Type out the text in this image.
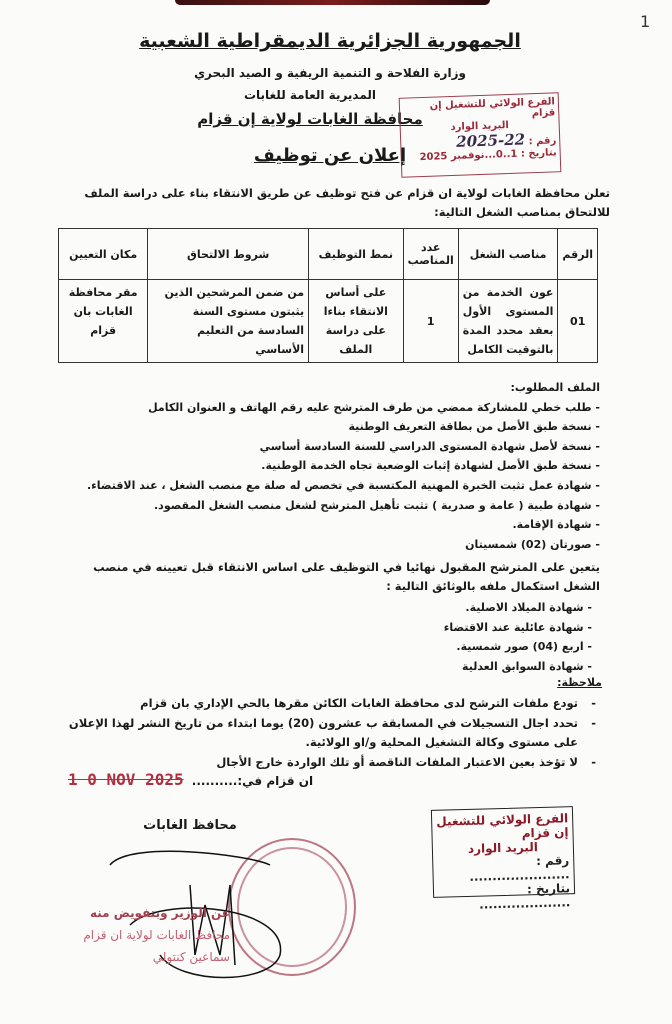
1
الجمهورية الجزائرية الديمقراطية الشعبية
وزارة الفلاحة و التنمية الريفية و الصيد البحري
المديرية العامة للغابات
محافظة الغابات لولاية إن قزام
الفرع الولائي للتشغيل إن قزام
البريد الوارد
رقم : 22-2025
بتاريخ : 1..0...نوفمبر 2025
إعلان عن توظيف
تعلن محافظة الغابات لولاية ان قزام عن فتح توظيف عن طريق الانتقاء بناء على دراسة الملف للالتحاق بمناصب الشغل التالية:
الرقم	مناصب الشغل	عدد المناصب	نمط التوظيف	شروط الالتحاق	مكان التعيين
01	عون الخدمة من المستوى الأول بعقد محدد المدة بالتوقيت الكامل	1	على أساس الانتقاء بناءا على دراسة الملف	من ضمن المرشحين الذين يثبتون مستوى السنة السادسة من التعليم الأساسي	مقر محافظة الغابات بان قزام
الملف المطلوب:
- طلب خطي للمشاركة ممضي من طرف المترشح عليه رقم الهاتف و العنوان الكامل
- نسخة طبق الأصل من بطاقة التعريف الوطنية
- نسخة لأصل شهادة المستوى الدراسي للسنة السادسة أساسي
- نسخة طبق الأصل لشهادة إثبات الوضعية تجاه الخدمة الوطنية.
- شهادة عمل تثبت الخبرة المهنية المكتسبة في تخصص له صلة مع منصب الشغل ، عند الاقتضاء.
- شهادة طبية ( عامة و صدرية ) تثبت تأهيل المترشح لشغل منصب الشغل المقصود.
- شهادة الإقامة.
- صورتان (02) شمسيتان
يتعين على المترشح المقبول نهائيا في التوظيف على اساس الانتقاء قبل تعيينه في منصب الشغل استكمال ملفه بالوثائق التالية :
- شهادة الميلاد الاصلية.
- شهادة عائلية عند الاقتضاء
- اربع (04) صور شمسية.
- شهادة السوابق العدلية
ملاحظة:
- تودع ملفات الترشح لدى محافظة الغابات الكائن مقرها بالحي الإداري بان قزام
- تحدد اجال التسجيلات في المسابقة ب عشرون (20) يوما ابتداء من تاريخ النشر لهذا الإعلان على مستوى وكالة التشغيل المحلية و/او الولائية.
- لا تؤخذ بعين الاعتبار الملفات الناقصة أو تلك الواردة خارج الأجال
1 0 NOV 2025 ان قزام في:..........
محافظ الغابات
عن الوزير وبتفويض منه
محافظ الغابات لولاية ان قزام
سماعين كنتولي
الفرع الولائي للتشغيل إن قزام
البريد الوارد
رقم : ......................
بتاريخ : ....................
